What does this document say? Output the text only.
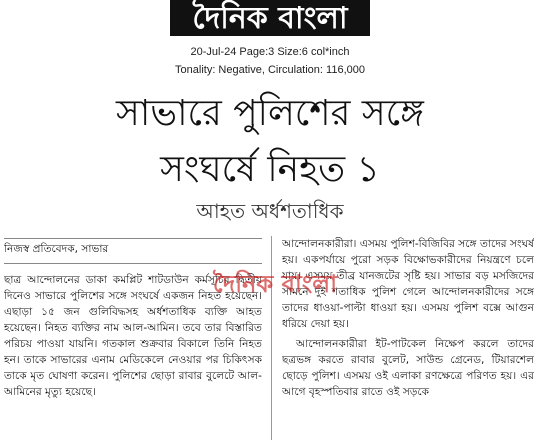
দৈনিক বাংলা
20-Jul-24 Page:3 Size:6 col*inch
Tonality: Negative, Circulation: 116,000
সাভারে পুলিশের সঙ্গে
সংঘর্ষে নিহত ১
আহত অর্ধশতাধিক
নিজস্ব প্রতিবেদক, সাভার

ছাত্র আন্দোলনের ডাকা কমপ্লিট শাটডাউন কর্মসূচির দ্বিতীয় দিনেও সাভারে পুলিশের সঙ্গে সংঘর্ষে একজন নিহত হয়েছেন। এছাড়া ১৫ জন গুলিবিদ্ধসহ অর্ধশতাধিক ব্যক্তি আহত হয়েছেন। নিহত ব্যক্তির নাম আল-আমিন। তবে তার বিস্তারিত পরিচয় পাওয়া যায়নি। গতকাল শুক্রবার বিকালে তিনি নিহত হন। তাকে সাভারের এনাম মেডিকেলে নেওয়ার পর চিকিৎসক তাকে মৃত ঘোষণা করেন। পুলিশের ছোড়া রাবার বুলেটে আল-আমিনের মৃত্যু হয়েছে।

আন্দোলনকারীরা। এসময় পুলিশ-বিজিবির সঙ্গে তাদের সংঘর্ষ হয়। একপর্যায়ে পুরো সড়ক বিক্ষোভকারীদের নিয়ন্ত্রণে চলে যায়। এসময় তীব্র যানজটের সৃষ্টি হয়। সাভার বড় মসজিদের সামনে দুই শতাধিক পুলিশ গেলে আন্দোলনকারীদের সঙ্গে তাদের ধাওয়া-পাল্টা ধাওয়া হয়। এসময় পুলিশ বক্সে আগুন ধরিয়ে দেয়া হয়।

আন্দোলনকারীরা ইট-পাটকেল নিক্ষেপ করলে তাদের ছত্রভঙ্গ করতে রাবার বুলেট, সাউন্ড গ্রেনেড, টিয়ারশেল ছোড়ে পুলিশ। এসময় ওই এলাকা রণক্ষেত্রে পরিণত হয়। এর আগে বৃহস্পতিবার রাতে ওই সড়কে

দৈনিক বাংলা
